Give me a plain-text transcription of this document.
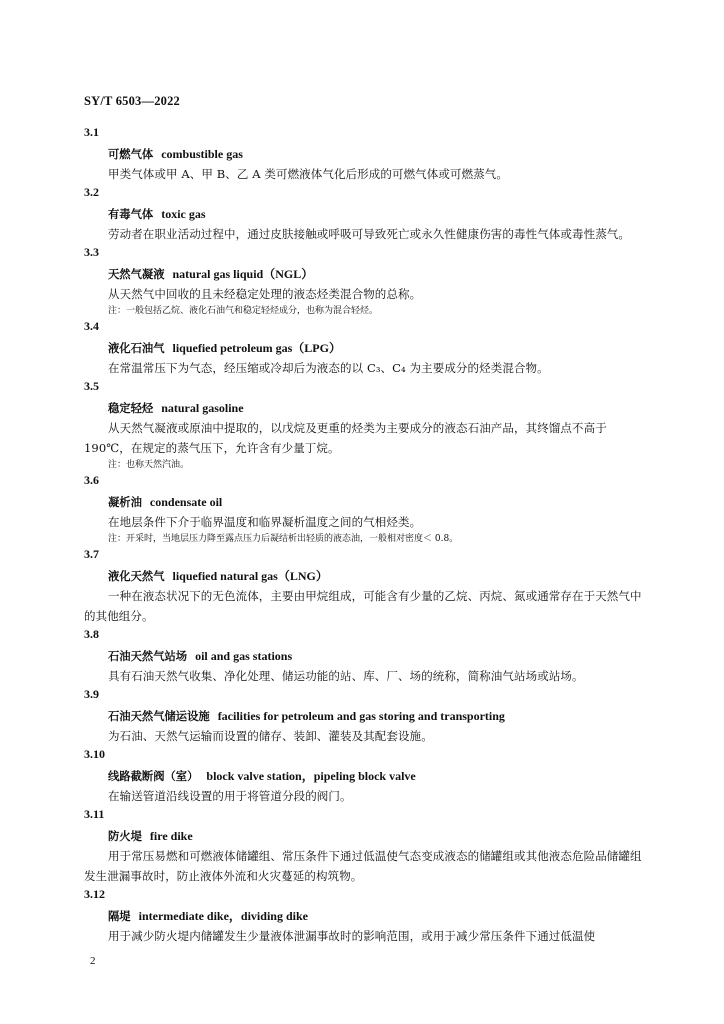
SY/T 6503—2022
3.1
可燃气体 combustible gas
甲类气体或甲 A、甲 B、乙 A 类可燃液体气化后形成的可燃气体或可燃蒸气。
3.2
有毒气体 toxic gas
劳动者在职业活动过程中，通过皮肤接触或呼吸可导致死亡或永久性健康伤害的毒性气体或毒性蒸气。
3.3
天然气凝液 natural gas liquid（NGL）
从天然气中回收的且未经稳定处理的液态烃类混合物的总称。
注：一般包括乙烷、液化石油气和稳定轻烃成分，也称为混合轻烃。
3.4
液化石油气 liquefied petroleum gas（LPG）
在常温常压下为气态，经压缩或冷却后为液态的以 C₃、C₄ 为主要成分的烃类混合物。
3.5
稳定轻烃 natural gasoline
从天然气凝液或原油中提取的，以戊烷及更重的烃类为主要成分的液态石油产品，其终馏点不高于 190℃，在规定的蒸气压下，允许含有少量丁烷。
注：也称天然汽油。
3.6
凝析油 condensate oil
在地层条件下介于临界温度和临界凝析温度之间的气相烃类。
注：开采时，当地层压力降至露点压力后凝结析出轻质的液态油，一般相对密度＜ 0.8。
3.7
液化天然气 liquefied natural gas（LNG）
一种在液态状况下的无色流体，主要由甲烷组成，可能含有少量的乙烷、丙烷、氮或通常存在于天然气中的其他组分。
3.8
石油天然气站场 oil and gas stations
具有石油天然气收集、净化处理、储运功能的站、库、厂、场的统称，简称油气站场或站场。
3.9
石油天然气储运设施 facilities for petroleum and gas storing and transporting
为石油、天然气运输而设置的储存、装卸、灌装及其配套设施。
3.10
线路截断阀（室） block valve station，pipeling block valve
在输送管道沿线设置的用于将管道分段的阀门。
3.11
防火堤 fire dike
用于常压易燃和可燃液体储罐组、常压条件下通过低温使气态变成液态的储罐组或其他液态危险品储罐组发生泄漏事故时，防止液体外流和火灾蔓延的构筑物。
3.12
隔堤 intermediate dike，dividing dike
用于减少防火堤内储罐发生少量液体泄漏事故时的影响范围，或用于减少常压条件下通过低温使
2
